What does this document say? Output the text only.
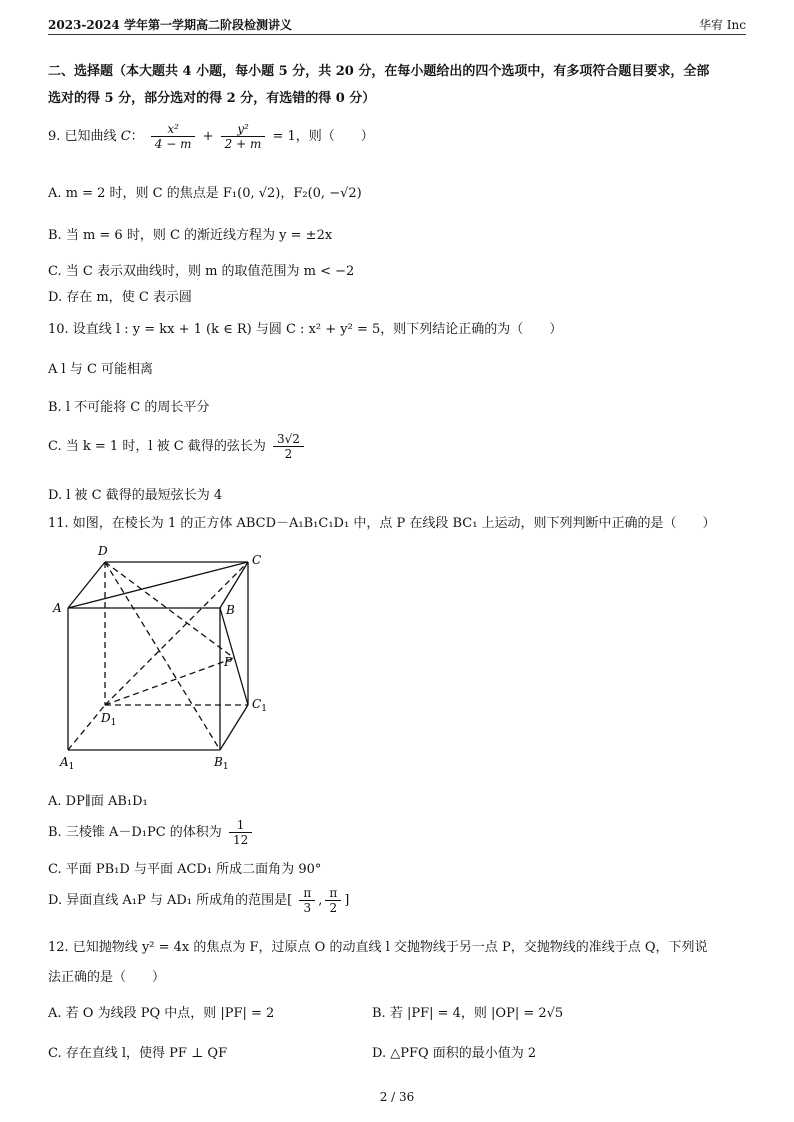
2023-2024 学年第一学期高二阶段检测讲义	华宥 Inc
二、选择题（本大题共 4 小题，每小题 5 分，共 20 分，在每小题给出的四个选项中，有多项符合题目要求，全部
选对的得 5 分，部分选对的得 2 分，有选错的得 0 分）
9. 已知曲线 C： $\frac{\text{x²}}{4 - m} + \frac{\text{y²}}{2 + m} = 1$，则（　　）
A. m = 2 时，则 C 的焦点是 F₁(0, √2)，F₂(0, −√2)
B. 当 m = 6 时，则 C 的渐近线方程为 y = ±2x
C. 当 C 表示双曲线时，则 m 的取值范围为 m < −2
D. 存在 m，使 C 表示圆
10. 设直线 l : y = kx + 1 (k ∈ R) 与圆 C : x² + y² = 5，则下列结论正确的为（　　）
A l 与 C 可能相离
B. l 不可能将 C 的周长平分
C. 当 k = 1 时，l 被 C 截得的弦长为 $\frac{3√2}{2}$
D. l 被 C 截得的最短弦长为 4
11. 如图，在棱长为 1 的正方体 ABCD－A₁B₁C₁D₁ 中，点 P 在线段 BC₁ 上运动，则下列判断中正确的是（　　）
D
C
A	B
P
$C_1$
$D_1$
$A_1$	$B_1$
A. DP∥面 AB₁D₁
B. 三棱锥 A－D₁PC 的体积为 $\frac{1}{12}$
C. 平面 PB₁D 与平面 ACD₁ 所成二面角为 90°
D. 异面直线 A₁P 与 AD₁ 所成角的范围是[ $\frac{\pi}{3}$ , $\frac{\pi}{2}$ ]
12. 已知抛物线 y² = 4x 的焦点为 F，过原点 O 的动直线 l 交抛物线于另一点 P，交抛物线的准线于点 Q，下列说
法正确的是（　　）
A. 若 O 为线段 PQ 中点，则 |PF| = 2	B. 若 |PF| = 4，则 |OP| = 2√5
C. 存在直线 l，使得 PF ⊥ QF	D. △PFQ 面积的最小值为 2
2 / 36
